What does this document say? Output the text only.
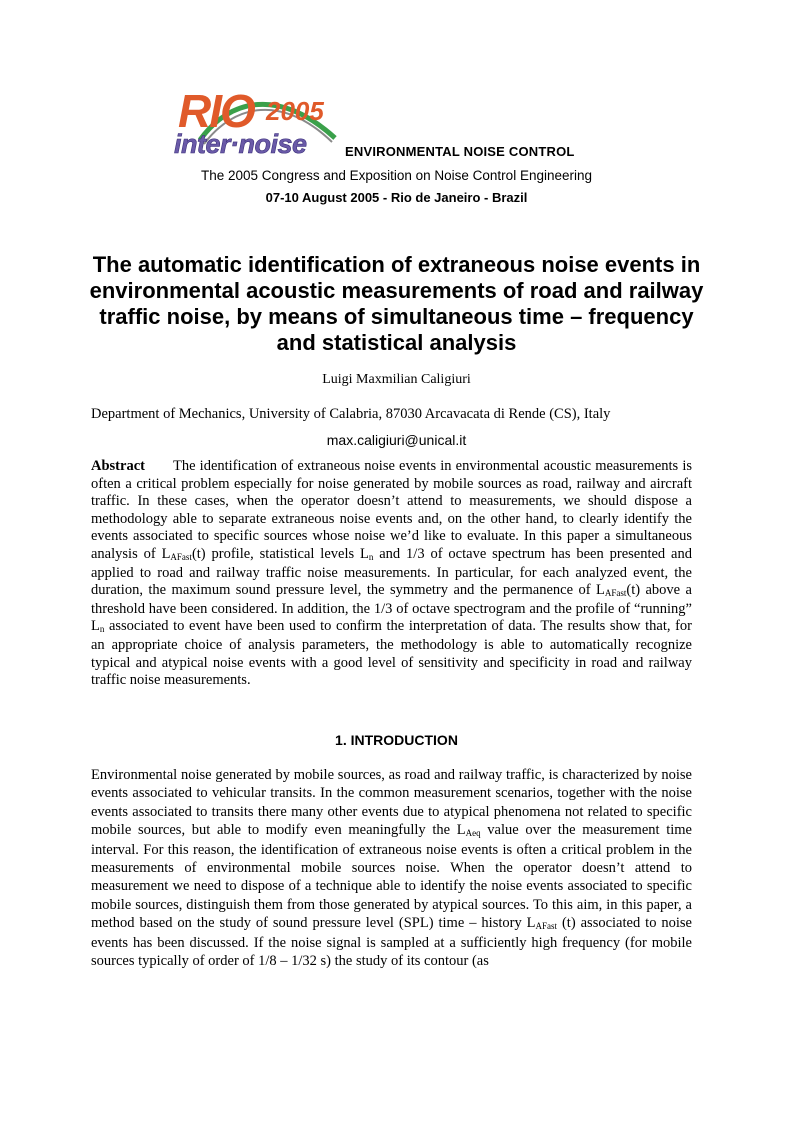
RIO 2005
inter·noise	ENVIRONMENTAL NOISE CONTROL
The 2005 Congress and Exposition on Noise Control Engineering
07-10 August 2005 - Rio de Janeiro - Brazil
The automatic identification of extraneous noise events in environmental acoustic measurements of road and railway traffic noise, by means of simultaneous time – frequency and statistical analysis
Luigi Maxmilian Caligiuri
Department of Mechanics, University of Calabria, 87030 Arcavacata di Rende (CS), Italy
max.caligiuri@unical.it
Abstract The identification of extraneous noise events in environmental acoustic measurements is often a critical problem especially for noise generated by mobile sources as road, railway and aircraft traffic. In these cases, when the operator doesn’t attend to measurements, we should dispose a methodology able to separate extraneous noise events and, on the other hand, to clearly identify the events associated to specific sources whose noise we’d like to evaluate. In this paper a simultaneous analysis of LAFast(t) profile, statistical levels Ln and 1/3 of octave spectrum has been presented and applied to road and railway traffic noise measurements. In particular, for each analyzed event, the duration, the maximum sound pressure level, the symmetry and the permanence of LAFast(t) above a threshold have been considered. In addition, the 1/3 of octave spectrogram and the profile of “running” Ln associated to event have been used to confirm the interpretation of data. The results show that, for an appropriate choice of analysis parameters, the methodology is able to automatically recognize typical and atypical noise events with a good level of sensitivity and specificity in road and railway traffic noise measurements.
1. INTRODUCTION
Environmental noise generated by mobile sources, as road and railway traffic, is characterized by noise events associated to vehicular transits. In the common measurement scenarios, together with the noise events associated to transits there many other events due to atypical phenomena not related to specific mobile sources, but able to modify even meaningfully the LAeq value over the measurement time interval. For this reason, the identification of extraneous noise events is often a critical problem in the measurements of environmental mobile sources noise. When the operator doesn’t attend to measurement we need to dispose of a technique able to identify the noise events associated to specific mobile sources, distinguish them from those generated by atypical sources. To this aim, in this paper, a method based on the study of sound pressure level (SPL) time – history LAFast (t) associated to noise events has been discussed. If the noise signal is sampled at a sufficiently high frequency (for mobile sources typically of order of 1/8 – 1/32 s) the study of its contour (as
